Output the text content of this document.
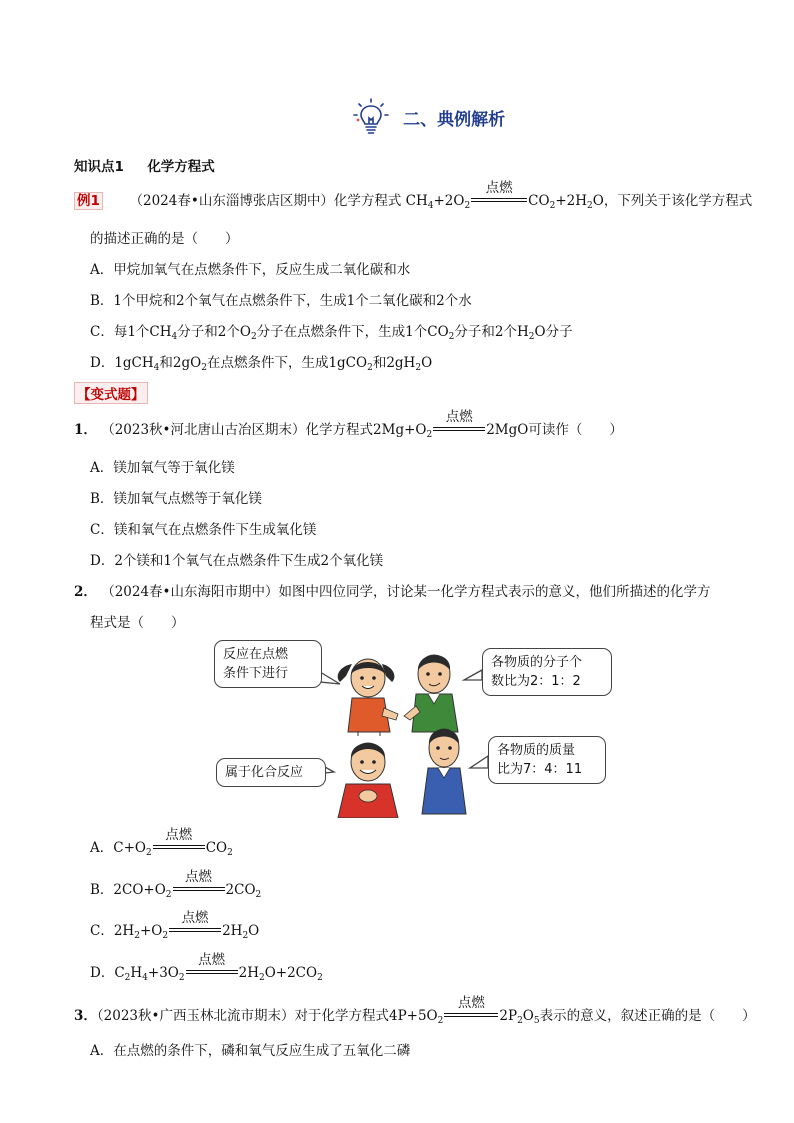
二、典例解析
知识点1 化学方程式
例1 （2024春•山东淄博张店区期中）化学方程式 $CH_4+2O_2$
点燃
$CO_2+2H_2O$，下列关于该化学方程式
的描述正确的是（　　）
A．甲烷加氧气在点燃条件下，反应生成二氧化碳和水
B．1个甲烷和2个氧气在点燃条件下，生成1个二氧化碳和2个水
C．每1个$CH_4$分子和2个$O_2$分子在点燃条件下，生成1个$CO_2$分子和2个$H_2O$分子
D．1gCH$_4$和$2gO_2$在点燃条件下，生成1gCO$_2$和$2gH_2O$
【变式题】
1． （2023秋•河北唐山古冶区期末）化学方程式$2Mg+O_2$
点燃
2MgO可读作（　　）
A．镁加氧气等于氧化镁
B．镁加氧气点燃等于氧化镁
C．镁和氧气在点燃条件下生成氧化镁
D．2个镁和1个氧气在点燃条件下生成2个氧化镁
2． （2024春•山东海阳市期中）如图中四位同学，讨论某一化学方程式表示的意义，他们所描述的化学方
程式是（　　）
反应在点燃
条件下进行
各物质的分子个
数比为2：1：2
属于化合反应
各物质的质量
比为7：4：11
A．$C+O_2$
点燃
$CO_2$
B．$2CO+O_2$
点燃
$2CO_2$
C．$2H_2+O_2$
点燃
$2H_2O$
D．$C_2H_4+3O_2$
点燃
$2H_2O+2CO_2$
3．（2023秋•广西玉林北流市期末）对于化学方程式$4P+5O_2$
点燃
$2P_2O_5$表示的意义，叙述正确的是（　　）
A．在点燃的条件下，磷和氧气反应生成了五氧化二磷
